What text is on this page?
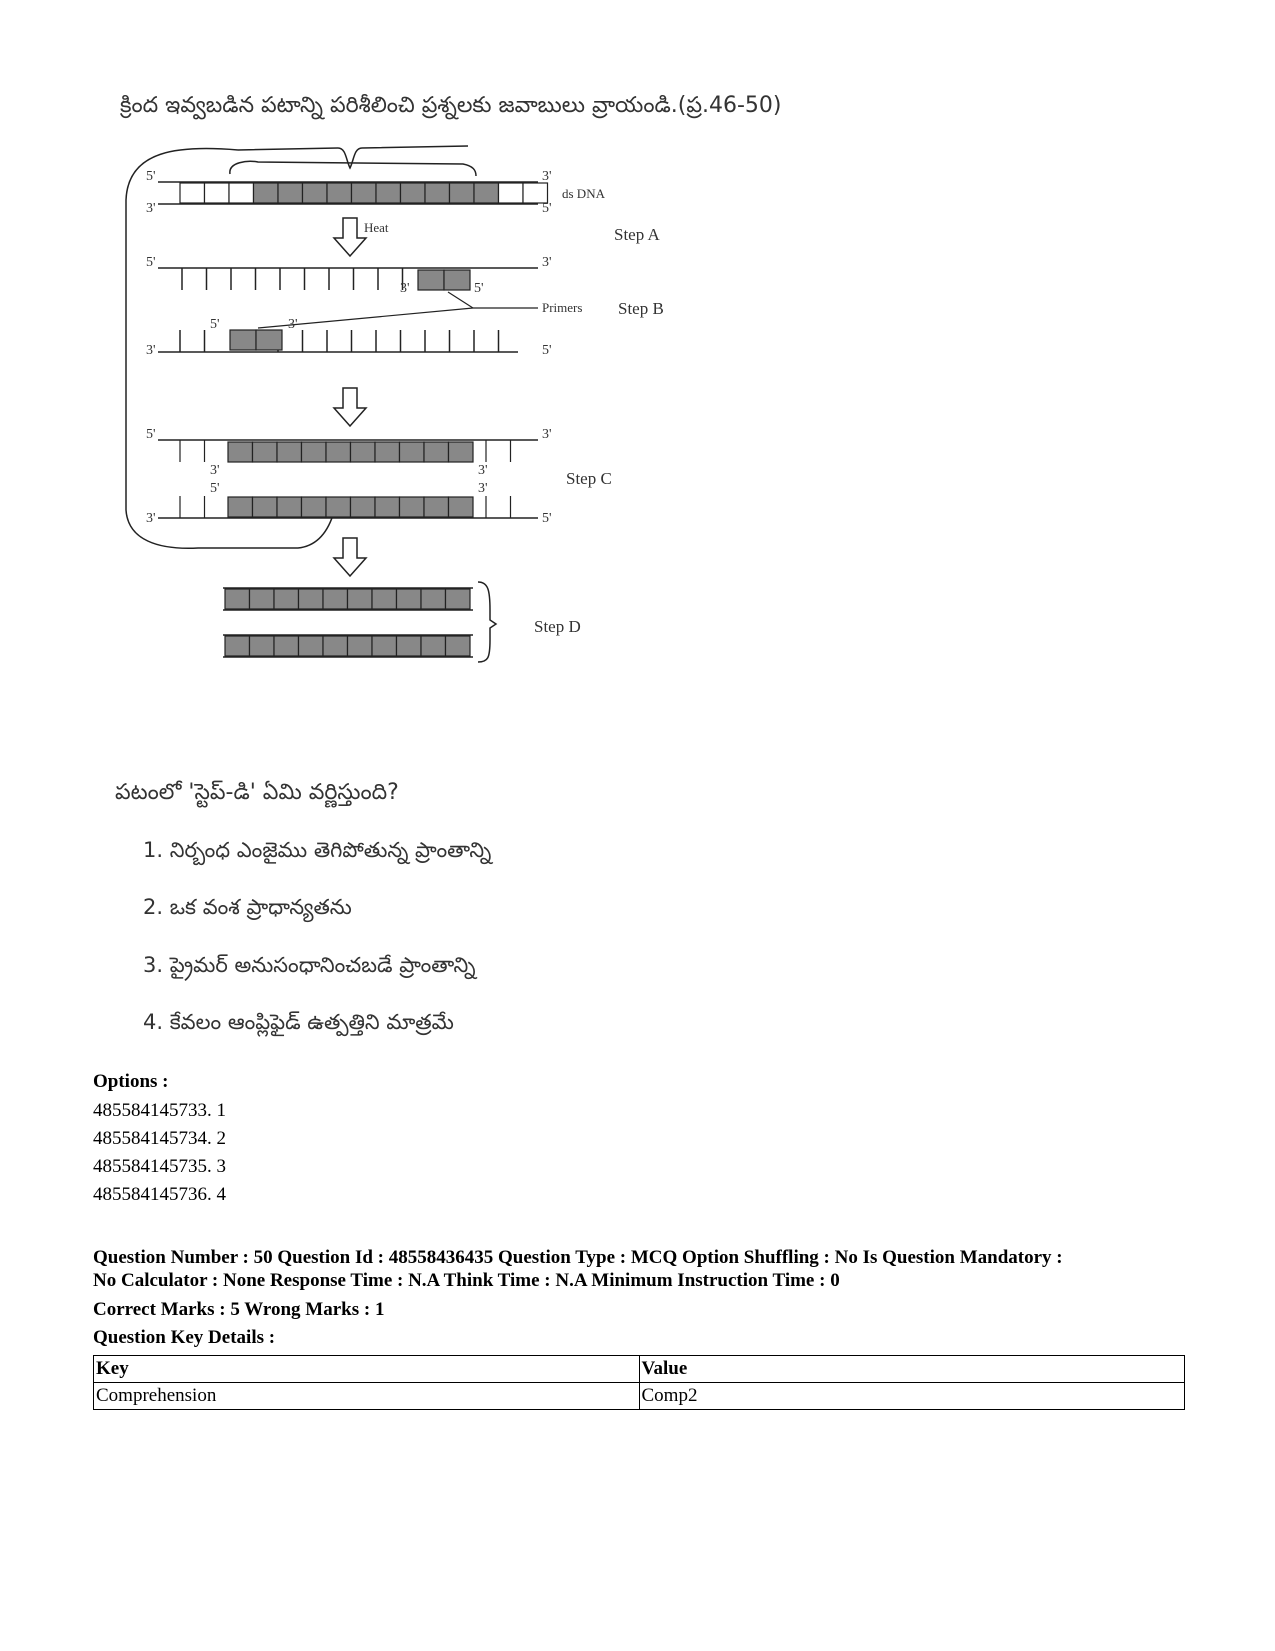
క్రింద ఇవ్వబడిన పటాన్ని పరిశీలించి ప్రశ్నలకు జవాబులు వ్రాయండి.(ప్ర.46-50)
5'	3'
3'	5'
5'	3'
3'	5'
5'	3'
3'	5'
5'	3'
3'	3'
5'	3'
3'	5'
ds DNA
Heat
Primers
Step A
Step B
Step C
Step D
పటంలో 'స్టెప్-డి' ఏమి వర్ణిస్తుంది?
1. నిర్బంధ ఎంజైము తెగిపోతున్న ప్రాంతాన్ని
2. ఒక వంశ ప్రాధాన్యతను
3. ప్రైమర్ అనుసంధానించబడే ప్రాంతాన్ని
4. కేవలం ఆంప్లిఫైడ్ ఉత్పత్తిని మాత్రమే
Options :
485584145733. 1
485584145734. 2
485584145735. 3
485584145736. 4
Question Number : 50 Question Id : 48558436435 Question Type : MCQ Option Shuffling : No Is Question Mandatory :
No Calculator : None Response Time : N.A Think Time : N.A Minimum Instruction Time : 0
Correct Marks : 5 Wrong Marks : 1
Question Key Details :
Key	Value
Comprehension	Comp2
